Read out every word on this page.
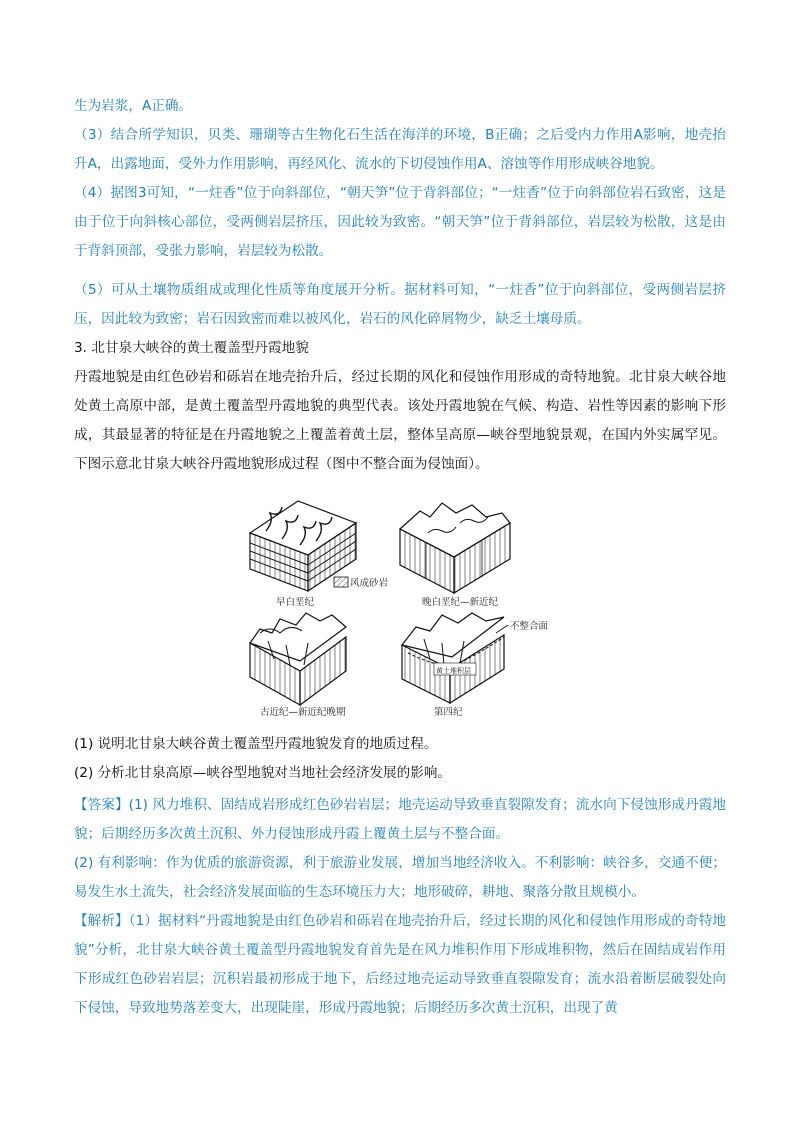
生为岩浆，A正确。

（3）结合所学知识，贝类、珊瑚等古生物化石生活在海洋的环境，B正确；之后受内力作用A影响，地壳抬升A，出露地面，受外力作用影响，再经风化、流水的下切侵蚀作用A、溶蚀等作用形成峡谷地貌。

（4）据图3可知，“一炷香”位于向斜部位，“朝天笋”位于背斜部位；“一炷香”位于向斜部位岩石致密，这是由于位于向斜核心部位，受两侧岩层挤压，因此较为致密。“朝天笋”位于背斜部位，岩层较为松散，这是由于背斜顶部，受张力影响，岩层较为松散。

（5）可从土壤物质组成或理化性质等角度展开分析。据材料可知，“一炷香”位于向斜部位，受两侧岩层挤压，因此较为致密；岩石因致密而难以被风化，岩石的风化碎屑物少，缺乏土壤母质。

3. 北甘泉大峡谷的黄土覆盖型丹霞地貌

丹霞地貌是由红色砂岩和砾岩在地壳抬升后，经过长期的风化和侵蚀作用形成的奇特地貌。北甘泉大峡谷地处黄土高原中部，是黄土覆盖型丹霞地貌的典型代表。该处丹霞地貌在气候、构造、岩性等因素的影响下形成，其最显著的特征是在丹霞地貌之上覆盖着黄土层，整体呈高原—峡谷型地貌景观，在国内外实属罕见。下图示意北甘泉大峡谷丹霞地貌形成过程（图中不整合面为侵蚀面）。

早白垩纪
风成砂岩
晚白垩纪—新近纪
古近纪—新近纪晚期
不整合面
黄土堆积层
第四纪

(1) 说明北甘泉大峡谷黄土覆盖型丹霞地貌发育的地质过程。

(2) 分析北甘泉高原—峡谷型地貌对当地社会经济发展的影响。

【答案】(1) 风力堆积、固结成岩形成红色砂岩岩层；地壳运动导致垂直裂隙发育；流水向下侵蚀形成丹霞地貌；后期经历多次黄土沉积、外力侵蚀形成丹霞上覆黄土层与不整合面。

(2) 有利影响：作为优质的旅游资源，利于旅游业发展，增加当地经济收入。不利影响：峡谷多，交通不便；易发生水土流失，社会经济发展面临的生态环境压力大；地形破碎，耕地、聚落分散且规模小。

【解析】（1）据材料“丹霞地貌是由红色砂岩和砾岩在地壳抬升后，经过长期的风化和侵蚀作用形成的奇特地貌”分析，北甘泉大峡谷黄土覆盖型丹霞地貌发育首先是在风力堆积作用下形成堆积物，然后在固结成岩作用下形成红色砂岩岩层；沉积岩最初形成于地下，后经过地壳运动导致垂直裂隙发育；流水沿着断层破裂处向下侵蚀，导致地势落差变大，出现陡崖，形成丹霞地貌；后期经历多次黄土沉积，出现了黄
